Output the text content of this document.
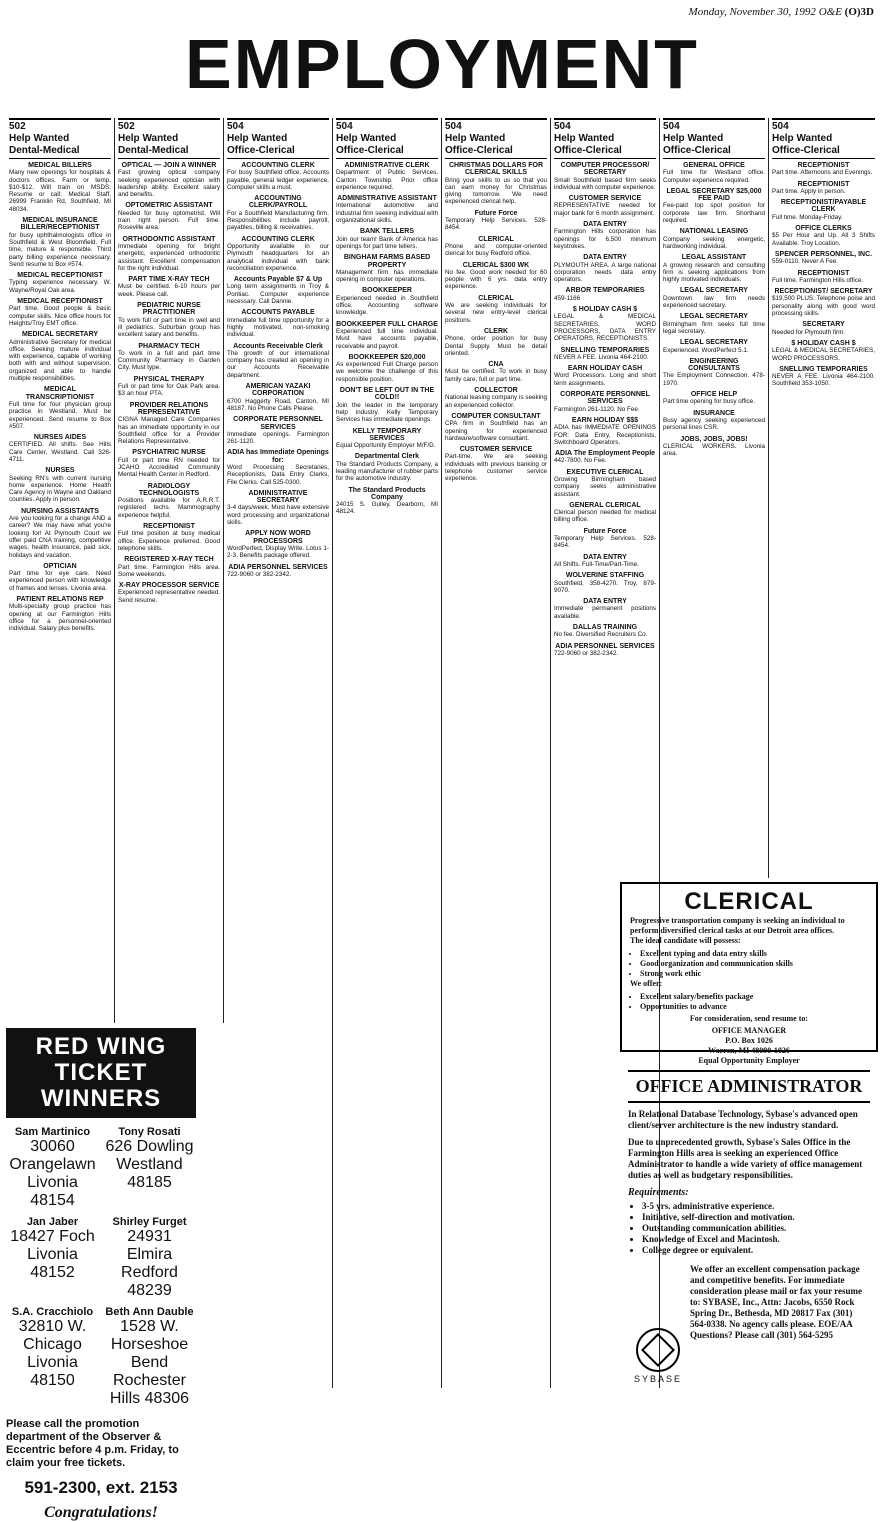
Monday, November 30, 1992 O&E (O)3D
EMPLOYMENT
502
Help Wanted
Dental-Medical
MEDICAL BILLERS
Many new openings for hospitals & doctors offices. Farm or temp. $10-$12. Will train on MSDS. Resume or call: Medical Staff, 26999 Franklin Rd, Southfield, MI 48034.
MEDICAL INSURANCE BILLER/RECEPTIONIST
for busy ophthalmologists office in Southfield & West Bloomfield. Full time, mature & responsible. Third party billing experience necessary. Send resume to Box #574.
MEDICAL RECEPTIONIST
Typing experience necessary. W. Wayne/Royal Oak area.
MEDICAL RECEPTIONIST
Part time. Good people & basic computer skills. Nice office hours for Heights/Troy EMT office.
MEDICAL SECRETARY
Administrative Secretary for medical office. Seeking mature individual with experience, capable of working both with and without supervision, organized and able to handle multiple responsibilities.
MEDICAL TRANSCRIPTIONIST
Full time for four physician group practice in Westland. Must be experienced. Send resume to Box #507.
NURSES AIDES
CERTIFIED. All shifts. See Hills Care Center, Westland. Call 326-4711.
NURSES
Seeking RN's with current nursing home experience. Home Health Care Agency in Wayne and Oakland counties. Apply in person.
NURSING ASSISTANTS
Are you looking for a change AND a career? We may have what you're looking for! At Plymouth Court we offer paid CNA training, competitive wages, health insurance, paid sick, holidays and vacation.
OPTICIAN
Part time for eye care. Need experienced person with knowledge of frames and lenses. Livonia area.
PATIENT RELATIONS REP
Multi-specialty group practice has opening at our Farmington Hills office for a personnel-oriented individual. Salary plus benefits.
502
Help Wanted
Dental-Medical
OPTICAL — JOIN A WINNER
Fast growing optical company seeking experienced optician with leadership ability. Excellent salary and benefits.
OPTOMETRIC ASSISTANT
Needed for busy optometrist. Will train right person. Full time. Roseville area.
ORTHODONTIC ASSISTANT
Immediate opening for bright energetic, experienced orthodontic assistant. Excellent compensation for the right individual.
PART TIME X-RAY TECH
Must be certified. 6-10 hours per week. Please call.
PEDIATRIC NURSE PRACTITIONER
To work full or part time in well and ill pediatrics. Suburban group has excellent salary and benefits.
PHARMACY TECH
To work in a full and part time Community Pharmacy in Garden City. Must type.
PHYSICAL THERAPY
Full or part time for Oak Park area. $3 an hour PTA.
PROVIDER RELATIONS REPRESENTATIVE
CIGNA Managed Care Companies has an immediate opportunity in our Southfield office for a Provider Relations Representative.
PSYCHIATRIC NURSE
Full or part time RN needed for JCAHO Accredited Community Mental Health Center in Redford.
RADIOLOGY TECHNOLOGISTS
Positions available for A.R.R.T. registered techs. Mammography experience helpful.
RECEPTIONIST
Full time position at busy medical office. Experience preferred. Good telephone skills.
REGISTERED X-RAY TECH
Part time. Farmington Hills area. Some weekends.
X-RAY PROCESSOR SERVICE
Experienced representative needed. Send resume.
504
Help Wanted
Office-Clerical
ACCOUNTING CLERK
For busy Southfield office. Accounts payable, general ledger experience. Computer skills a must.
ACCOUNTING CLERK/PAYROLL
For a Southfield Manufacturing firm. Responsibilities include payroll, payables, billing & receivables.
ACCOUNTING CLERK
Opportunity available in our Plymouth headquarters for an analytical individual with bank reconciliation experience.
Accounts Payable $7 & Up
Long term assignments in Troy & Pontiac. Computer experience necessary. Call Dannie.
ACCOUNTS PAYABLE
Immediate full time opportunity for a highly motivated, non-smoking individual.
Accounts Receivable Clerk
The growth of our international company has created an opening in our Accounts Receivable department.
AMERICAN YAZAKI CORPORATION
6700 Haggerty Road, Canton, MI 48187. No Phone Calls Please.
CORPORATE PERSONNEL SERVICES
Immediate openings. Farmington 261-1120.
ADIA has Immediate Openings for:
Word Processing Secretaries, Receptionists, Data Entry Clerks, File Clerks. Call 525-0300.
ADMINISTRATIVE SECRETARY
3-4 days/week. Must have extensive word processing and organizational skills.
APPLY NOW WORD PROCESSORS
WordPerfect, Display Write. Lotus 1-2-3. Benefits package offered.
ADIA PERSONNEL SERVICES
722-9060 or 382-2342.
504
Help Wanted
Office-Clerical
ADMINISTRATIVE CLERK
Department of Public Services, Canton Township. Prior office experience required.
ADMINISTRATIVE ASSISTANT
International automotive and industrial firm seeking individual with organizational skills.
BANK TELLERS
Join our team! Bank of America has openings for part time tellers.
BINGHAM FARMS BASED PROPERTY
Management firm has immediate opening in computer operations.
BOOKKEEPER
Experienced needed in Southfield office. Accounting software knowledge.
BOOKKEEPER FULL CHARGE
Experienced full time individual. Must have accounts payable, receivable and payroll.
BOOKKEEPER $20,000
As experienced Full Charge person we welcome the challenge of this responsible position.
DON'T BE LEFT OUT IN THE COLD!!
Join the leader in the temporary help industry. Kelly Temporary Services has immediate openings.
KELLY TEMPORARY SERVICES
Equal Opportunity Employer M/F/D.
Departmental Clerk
The Standard Products Company, a leading manufacturer of rubber parts for the automotive industry.
The Standard Products Company
24015 S. Gulley, Dearborn, MI 48124.
504
Help Wanted
Office-Clerical
CHRISTMAS DOLLARS FOR CLERICAL SKILLS
Bring your skills to us so that you can earn money for Christmas giving tomorrow. We need experienced clerical help.
Future Force
Temporary Help Services. 528-8454.
CLERICAL
Phone and computer-oriented clerical for busy Redford office.
CLERICAL $300 WK
No fee. Good work needed for 60 people with 6 yrs. data entry experience.
CLERICAL
We are seeking individuals for several new entry-level clerical positions.
CLERK
Phone, order position for busy Dental Supply. Must be detail oriented.
CNA
Must be certified. To work in busy family care, full or part time.
COLLECTOR
National leasing company is seeking an experienced collector.
COMPUTER CONSULTANT
CPA firm in Southfield has an opening for experienced hardware/software consultant.
CUSTOMER SERVICE
Part-time. We are seeking individuals with previous banking or telephone customer service experience.
504
Help Wanted
Office-Clerical
COMPUTER PROCESSOR/ SECRETARY
Small Southfield based firm seeks individual with computer experience.
CUSTOMER SERVICE
REPRESENTATIVE needed for major bank for 6 month assignment.
DATA ENTRY
Farmington Hills corporation has openings for 6,500 minimum keystrokes.
DATA ENTRY
PLYMOUTH AREA. A large national corporation needs data entry operators.
ARBOR TEMPORARIES
459-1166
$ HOLIDAY CASH $
LEGAL & MEDICAL SECRETARIES, WORD PROCESSORS, DATA ENTRY OPERATORS, RECEPTIONISTS.
SNELLING TEMPORARIES
NEVER A FEE. Livonia 464-2100.
EARN HOLIDAY CASH
Word Processors. Long and short term assignments.
CORPORATE PERSONNEL SERVICES
Farmington 261-1120. No Fee.
EARN HOLIDAY $$$
ADIA has IMMEDIATE OPENINGS FOR: Data Entry, Receptionists, Switchboard Operators.
ADIA The Employment People
442-7800. No Fee.
EXECUTIVE CLERICAL
Growing Birmingham based company seeks administrative assistant.
GENERAL CLERICAL
Clerical person needed for medical billing office.
Future Force
Temporary Help Services. 528-8454.
DATA ENTRY
All Shifts. Full-Time/Part-Time.
WOLVERINE STAFFING
Southfield, 358-4270. Troy, 879-9070.
DATA ENTRY
Immediate permanent positions available.
DALLAS TRAINING
No fee. Diversified Recruiters Co.
ADIA PERSONNEL SERVICES
722-9060 or 382-2342.
504
Help Wanted
Office-Clerical
GENERAL OFFICE
Full time for Westland office. Computer experience required.
LEGAL SECRETARY $25,000 FEE PAID
Fee-paid top spot position for corporate law firm. Shorthand required.
NATIONAL LEASING
Company seeking energetic, hardworking individual.
LEGAL ASSISTANT
A growing research and consulting firm is seeking applications from highly motivated individuals.
LEGAL SECRETARY
Downtown law firm needs experienced secretary.
LEGAL SECRETARY
Birmingham firm seeks full time legal secretary.
LEGAL SECRETARY
Experienced. WordPerfect 5.1.
ENGINEERING CONSULTANTS
The Employment Connection. 478-1970.
OFFICE HELP
Part time opening for busy office.
INSURANCE
Busy agency seeking experienced personal lines CSR.
JOBS, JOBS, JOBS!
CLERICAL WORKERS. Livonia area.
504
Help Wanted
Office-Clerical
RECEPTIONIST
Part time. Afternoons and Evenings.
RECEPTIONIST
Part time. Apply in person.
RECEPTIONIST/PAYABLE CLERK
Full time. Monday-Friday.
OFFICE CLERKS
$5 Per Hour and Up. All 3 Shifts Available. Troy Location.
SPENCER PERSONNEL, INC.
559-0110. Never A Fee.
RECEPTIONIST
Full time. Farmington Hills office.
RECEPTIONIST/ SECRETARY
$19,500 PLUS. Telephone poise and personality along with good word processing skills.
SECRETARY
Needed for Plymouth firm.
$ HOLIDAY CASH $
LEGAL & MEDICAL SECRETARIES, WORD PROCESSORS.
SNELLING TEMPORARIES
NEVER A FEE. Livonia 464-2100. Southfield 353-1050.
RED WING
TICKET WINNERS
Sam Martinico
30060 Orangelawn
Livonia 48154
Tony Rosati
626 Dowling
Westland 48185
Jan Jaber
18427 Foch
Livonia 48152
Shirley Furget
24931 Elmira
Redford 48239
S.A. Cracchiolo
32810 W. Chicago
Livonia 48150
Beth Ann Dauble
1528 W. Horseshoe Bend
Rochester Hills 48306
Please call the promotion department of the Observer & Eccentric before 4 p.m. Friday, to claim your free tickets.
591-2300, ext. 2153
Congratulations!
CLERICAL
Progressive transportation company is seeking an individual to perform diversified clerical tasks at our Detroit area offices.
The ideal candidate will possess:
• Excellent typing and data entry skills
• Good organization and communication skills
• Strong work ethic
We offer:
• Excellent salary/benefits package
• Opportunities to advance
For consideration, send resume to:
OFFICE MANAGER
P.O. Box 1026
Warren, MI 48090-1026
Equal Opportunity Employer
OFFICE ADMINISTRATOR
In Relational Database Technology, Sybase's advanced open client/server architecture is the new industry standard.
Due to unprecedented growth, Sybase's Sales Office in the Farmington Hills area is seeking an experienced Office Administrator to handle a wide variety of office management duties as well as budgetary responsibilities.
Requirements:
• 3-5 yrs. administrative experience.
• Initiative, self-direction and motivation.
• Outstanding communication abilities.
• Knowledge of Excel and Macintosh.
• College degree or equivalent.
We offer an excellent compensation package and competitive benefits. For immediate consideration please mail or fax your resume to: SYBASE, Inc., Attn: Jacobs, 6550 Rock Spring Dr., Bethesda, MD 20817 Fax (301) 564-0338. No agency calls please. EOE/AA Questions? Please call (301) 564-5295
SYBASE
